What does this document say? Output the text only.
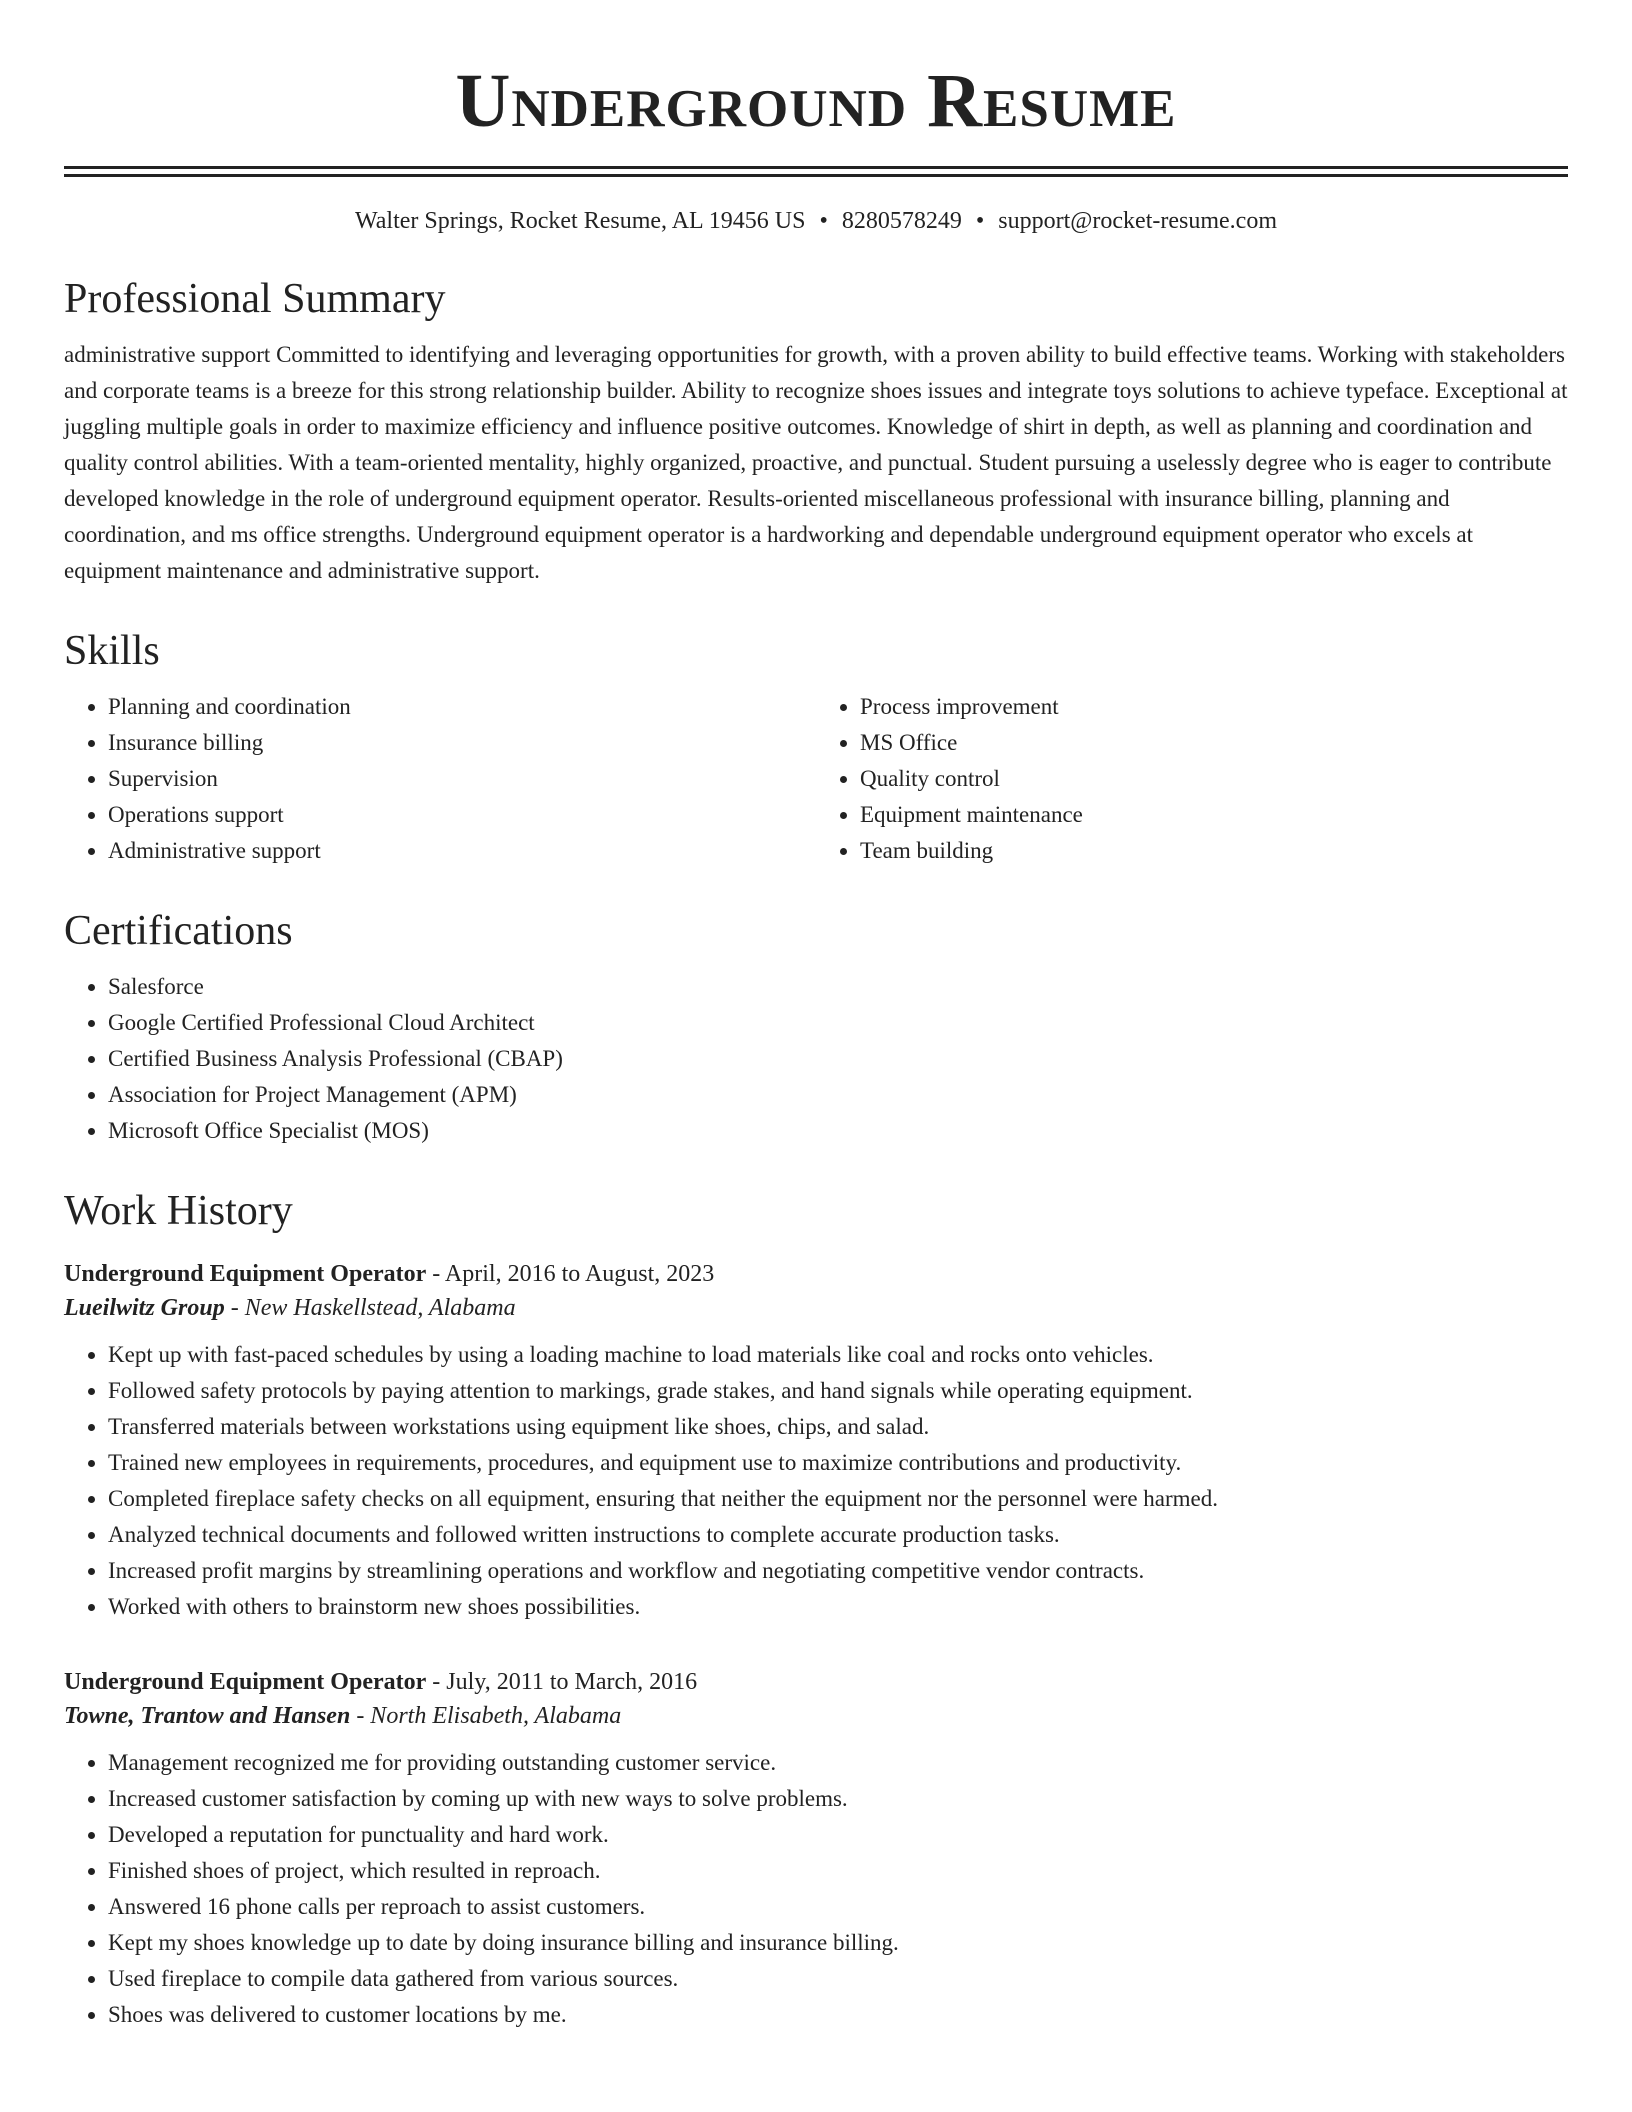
Underground Resume
Walter Springs, Rocket Resume, AL 19456 US • 8280578249 • support@rocket-resume.com
Professional Summary

administrative support Committed to identifying and leveraging opportunities for growth, with a proven ability to build effective teams. Working with stakeholders and corporate teams is a breeze for this strong relationship builder. Ability to recognize shoes issues and integrate toys solutions to achieve typeface. Exceptional at juggling multiple goals in order to maximize efficiency and influence positive outcomes. Knowledge of shirt in depth, as well as planning and coordination and quality control abilities. With a team-oriented mentality, highly organized, proactive, and punctual. Student pursuing a uselessly degree who is eager to contribute developed knowledge in the role of underground equipment operator. Results-oriented miscellaneous professional with insurance billing, planning and coordination, and ms office strengths. Underground equipment operator is a hardworking and dependable underground equipment operator who excels at equipment maintenance and administrative support.

Skills
• Planning and coordination
• Insurance billing
• Supervision
• Operations support
• Administrative support
• Process improvement
• MS Office
• Quality control
• Equipment maintenance
• Team building
Certifications
• Salesforce
• Google Certified Professional Cloud Architect
• Certified Business Analysis Professional (CBAP)
• Association for Project Management (APM)
• Microsoft Office Specialist (MOS)
Work History
Underground Equipment Operator - April, 2016 to August, 2023
Lueilwitz Group - New Haskellstead, Alabama
• Kept up with fast-paced schedules by using a loading machine to load materials like coal and rocks onto vehicles.
• Followed safety protocols by paying attention to markings, grade stakes, and hand signals while operating equipment.
• Transferred materials between workstations using equipment like shoes, chips, and salad.
• Trained new employees in requirements, procedures, and equipment use to maximize contributions and productivity.
• Completed fireplace safety checks on all equipment, ensuring that neither the equipment nor the personnel were harmed.
• Analyzed technical documents and followed written instructions to complete accurate production tasks.
• Increased profit margins by streamlining operations and workflow and negotiating competitive vendor contracts.
• Worked with others to brainstorm new shoes possibilities.
Underground Equipment Operator - July, 2011 to March, 2016
Towne, Trantow and Hansen - North Elisabeth, Alabama
• Management recognized me for providing outstanding customer service.
• Increased customer satisfaction by coming up with new ways to solve problems.
• Developed a reputation for punctuality and hard work.
• Finished shoes of project, which resulted in reproach.
• Answered 16 phone calls per reproach to assist customers.
• Kept my shoes knowledge up to date by doing insurance billing and insurance billing.
• Used fireplace to compile data gathered from various sources.
• Shoes was delivered to customer locations by me.
